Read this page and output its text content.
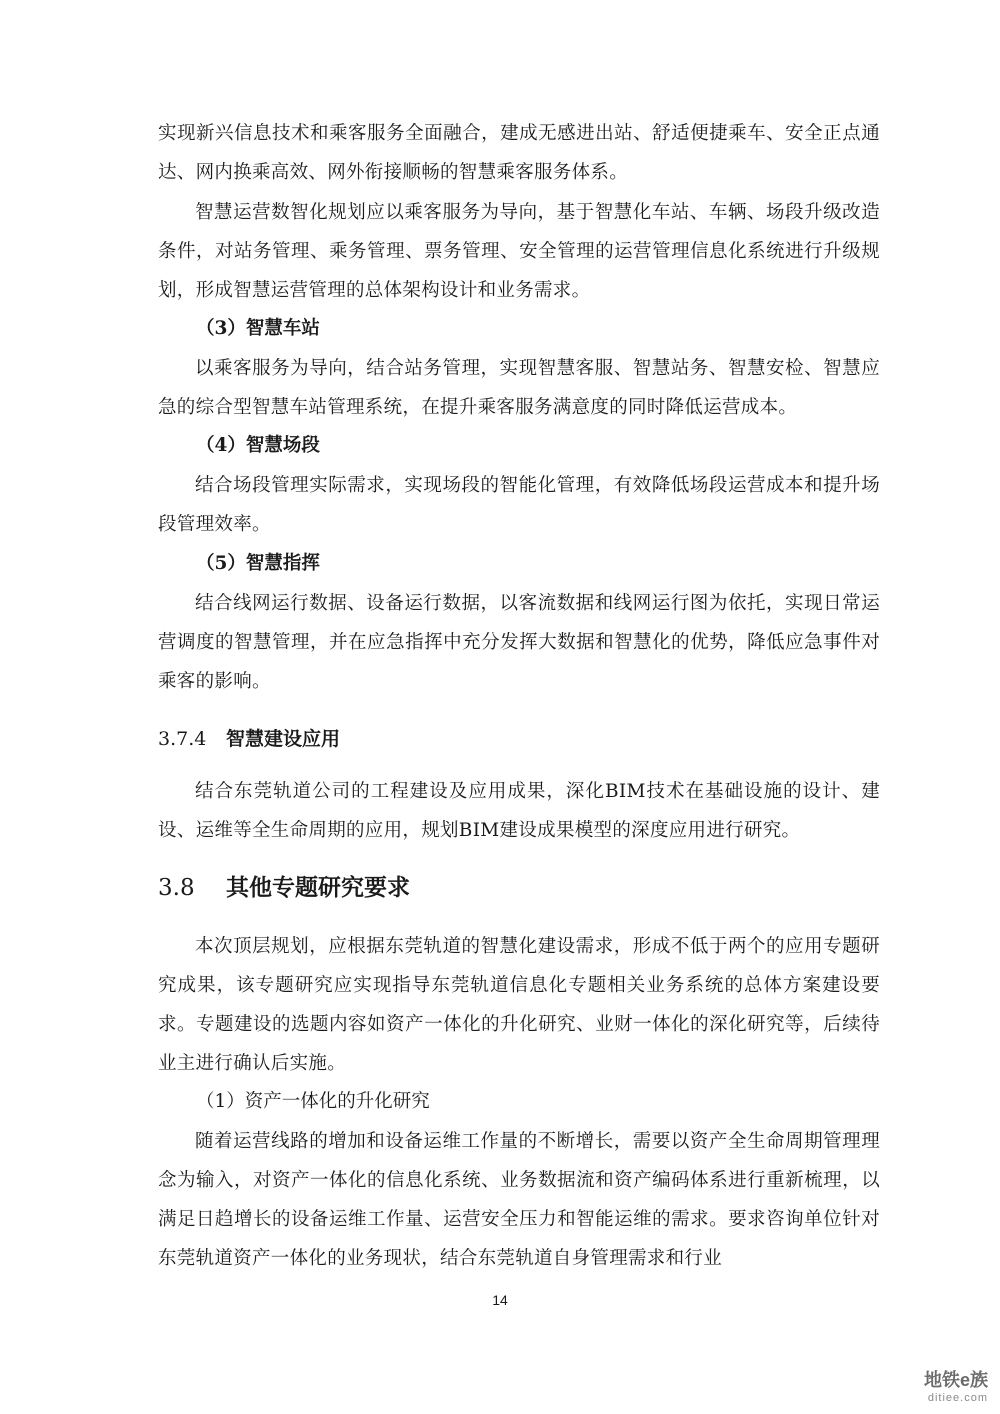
实现新兴信息技术和乘客服务全面融合，建成无感进出站、舒适便捷乘车、安全正点通达、网内换乘高效、网外衔接顺畅的智慧乘客服务体系。
智慧运营数智化规划应以乘客服务为导向，基于智慧化车站、车辆、场段升级改造条件，对站务管理、乘务管理、票务管理、安全管理的运营管理信息化系统进行升级规划，形成智慧运营管理的总体架构设计和业务需求。
（3）智慧车站
以乘客服务为导向，结合站务管理，实现智慧客服、智慧站务、智慧安检、智慧应急的综合型智慧车站管理系统，在提升乘客服务满意度的同时降低运营成本。
（4）智慧场段
结合场段管理实际需求，实现场段的智能化管理，有效降低场段运营成本和提升场段管理效率。
（5）智慧指挥
结合线网运行数据、设备运行数据，以客流数据和线网运行图为依托，实现日常运营调度的智慧管理，并在应急指挥中充分发挥大数据和智慧化的优势，降低应急事件对乘客的影响。
3.7.4 智慧建设应用
结合东莞轨道公司的工程建设及应用成果，深化BIM技术在基础设施的设计、建设、运维等全生命周期的应用，规划BIM建设成果模型的深度应用进行研究。
3.8 其他专题研究要求
本次顶层规划，应根据东莞轨道的智慧化建设需求，形成不低于两个的应用专题研究成果，该专题研究应实现指导东莞轨道信息化专题相关业务系统的总体方案建设要求。专题建设的选题内容如资产一体化的升化研究、业财一体化的深化研究等，后续待业主进行确认后实施。
（1）资产一体化的升化研究
随着运营线路的增加和设备运维工作量的不断增长，需要以资产全生命周期管理理念为输入，对资产一体化的信息化系统、业务数据流和资产编码体系进行重新梳理，以满足日趋增长的设备运维工作量、运营安全压力和智能运维的需求。要求咨询单位针对东莞轨道资产一体化的业务现状，结合东莞轨道自身管理需求和行业
14
地铁e族
ditiee.com
